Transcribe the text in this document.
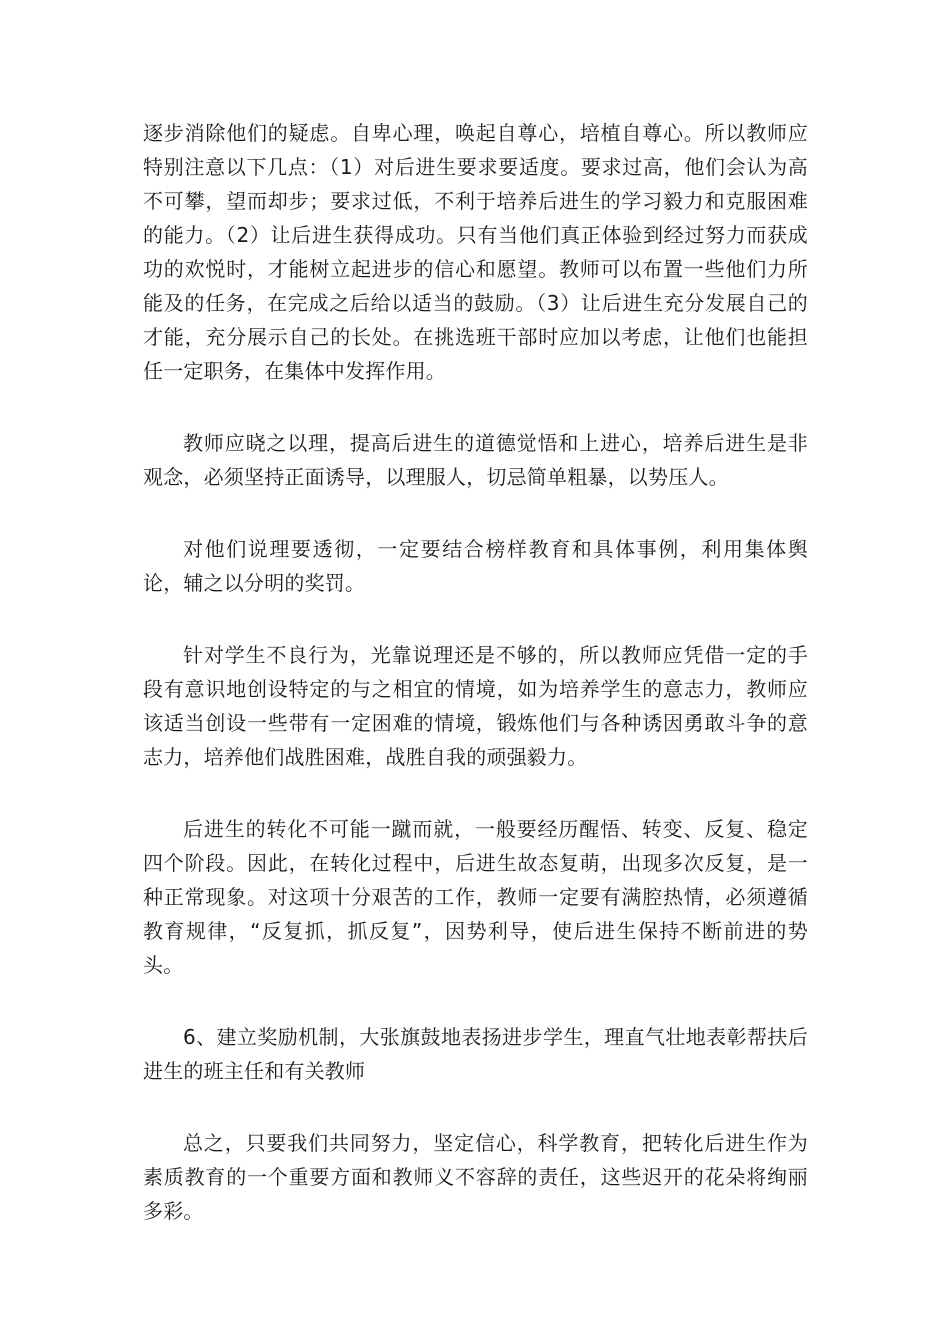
逐步消除他们的疑虑。自卑心理，唤起自尊心，培植自尊心。所以教师应特别注意以下几点：（1）对后进生要求要适度。要求过高，他们会认为高不可攀，望而却步；要求过低，不利于培养后进生的学习毅力和克服困难的能力。（2）让后进生获得成功。只有当他们真正体验到经过努力而获成功的欢悦时，才能树立起进步的信心和愿望。教师可以布置一些他们力所能及的任务，在完成之后给以适当的鼓励。（3）让后进生充分发展自己的才能，充分展示自己的长处。在挑选班干部时应加以考虑，让他们也能担任一定职务，在集体中发挥作用。

教师应晓之以理，提高后进生的道德觉悟和上进心，培养后进生是非观念，必须坚持正面诱导，以理服人，切忌简单粗暴，以势压人。

对他们说理要透彻，一定要结合榜样教育和具体事例，利用集体舆论，辅之以分明的奖罚。

针对学生不良行为，光靠说理还是不够的，所以教师应凭借一定的手段有意识地创设特定的与之相宜的情境，如为培养学生的意志力，教师应该适当创设一些带有一定困难的情境，锻炼他们与各种诱因勇敢斗争的意志力，培养他们战胜困难，战胜自我的顽强毅力。

后进生的转化不可能一蹴而就，一般要经历醒悟、转变、反复、稳定四个阶段。因此，在转化过程中，后进生故态复萌，出现多次反复，是一种正常现象。对这项十分艰苦的工作，教师一定要有满腔热情，必须遵循教育规律，“反复抓，抓反复”，因势利导，使后进生保持不断前进的势头。

6、建立奖励机制，大张旗鼓地表扬进步学生，理直气壮地表彰帮扶后进生的班主任和有关教师

总之，只要我们共同努力，坚定信心，科学教育，把转化后进生作为素质教育的一个重要方面和教师义不容辞的责任，这些迟开的花朵将绚丽多彩。
